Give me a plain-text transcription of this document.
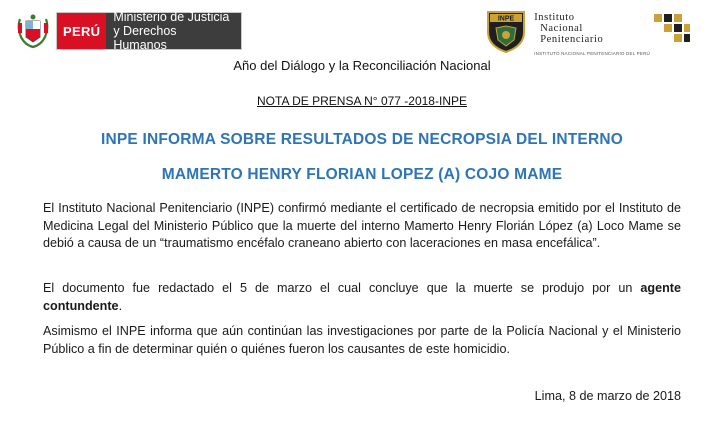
PERÚ
Ministerio de Justicia
y Derechos Humanos
INPE Instituto
Nacional
Penitenciario
INSTITUTO NACIONAL PENITENCIARIO DEL PERÚ
Año del Diálogo y la Reconciliación Nacional
NOTA DE PRENSA N° 077 -2018-INPE
INPE INFORMA SOBRE RESULTADOS DE NECROPSIA DEL INTERNO
MAMERTO HENRY FLORIAN LOPEZ (A) COJO MAME
El Instituto Nacional Penitenciario (INPE) confirmó mediante el certificado de necropsia emitido por el Instituto de Medicina Legal del Ministerio Público que la muerte del interno Mamerto Henry Florián López (a) Loco Mame se debió a causa de un “traumatismo encéfalo craneano abierto con laceraciones en masa encefálica”.
El documento fue redactado el 5 de marzo el cual concluye que la muerte se produjo por un agente contundente.
Asimismo el INPE informa que aún continúan las investigaciones por parte de la Policía Nacional y el Ministerio Público a fin de determinar quién o quiénes fueron los causantes de este homicidio.
Lima, 8 de marzo de 2018
